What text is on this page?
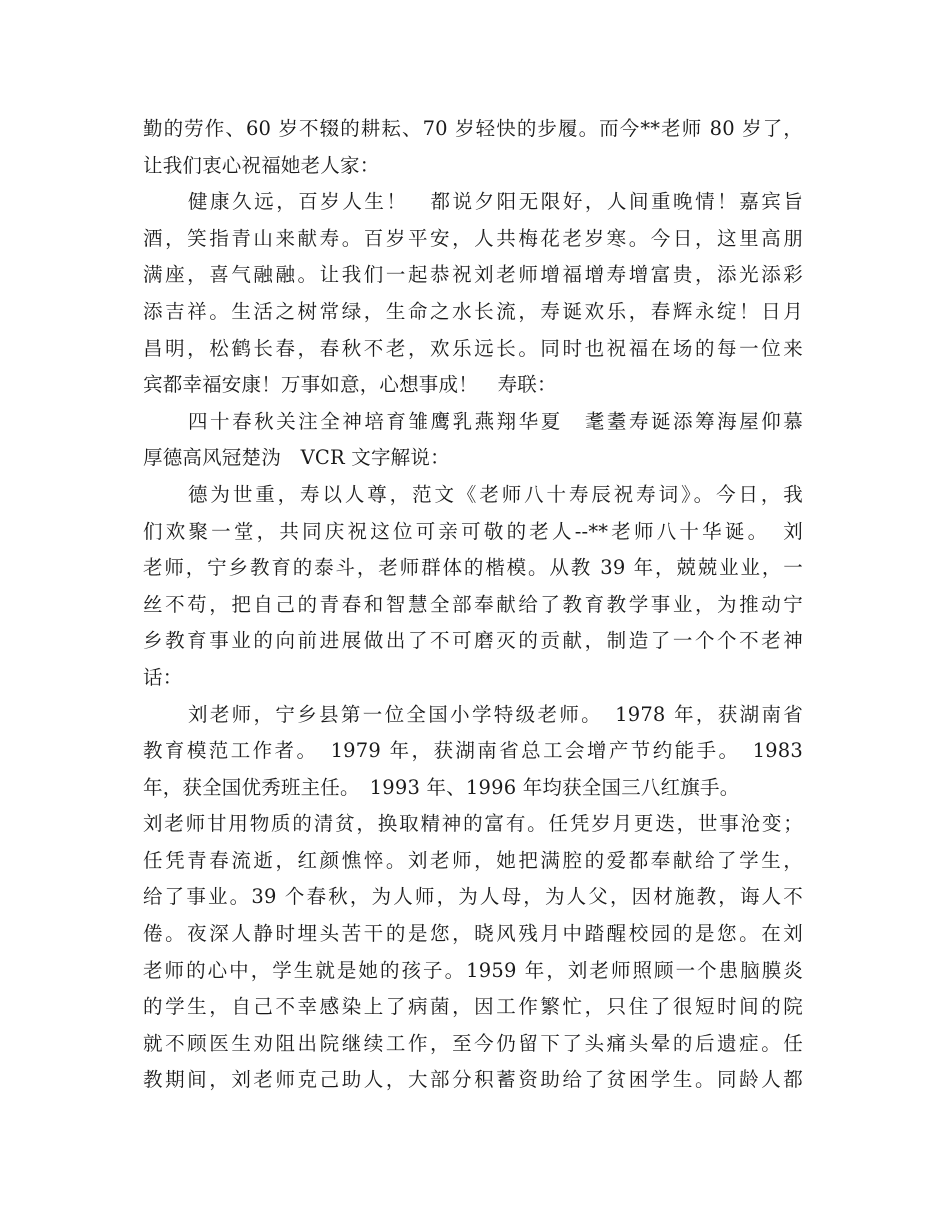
勤的劳作、60 岁不辍的耕耘、70 岁轻快的步履。而今**老师 80 岁了，
让我们衷心祝福她老人家：
健康久远，百岁人生！　都说夕阳无限好，人间重晚情！嘉宾旨
酒，笑指青山来献寿。百岁平安，人共梅花老岁寒。今日，这里高朋
满座，喜气融融。让我们一起恭祝刘老师增福增寿增富贵，添光添彩
添吉祥。生活之树常绿，生命之水长流，寿诞欢乐，春辉永绽！日月
昌明，松鹤长春，春秋不老，欢乐远长。同时也祝福在场的每一位来
宾都幸福安康！万事如意，心想事成！　寿联：
四十春秋关注全神培育雏鹰乳燕翔华夏　耄耋寿诞添筹海屋仰慕
厚德高风冠楚沩　VCR 文字解说：
德为世重，寿以人尊，范文《老师八十寿辰祝寿词》。今日，我
们欢聚一堂，共同庆祝这位可亲可敬的老人--**老师八十华诞。　刘
老师，宁乡教育的泰斗，老师群体的楷模。从教 39 年，兢兢业业，一
丝不苟，把自己的青春和智慧全部奉献给了教育教学事业，为推动宁
乡教育事业的向前进展做出了不可磨灭的贡献，制造了一个个不老神
话：
刘老师，宁乡县第一位全国小学特级老师。　1978 年，获湖南省
教育模范工作者。　1979 年，获湖南省总工会增产节约能手。　1983
年，获全国优秀班主任。　1993 年、1996 年均获全国三八红旗手。
刘老师甘用物质的清贫，换取精神的富有。任凭岁月更迭，世事沧变；
任凭青春流逝，红颜憔悴。刘老师，她把满腔的爱都奉献给了学生，
给了事业。39 个春秋，为人师，为人母，为人父，因材施教，诲人不
倦。夜深人静时埋头苦干的是您，晓风残月中踏醒校园的是您。在刘
老师的心中，学生就是她的孩子。1959 年，刘老师照顾一个患脑膜炎
的学生，自己不幸感染上了病菌，因工作繁忙，只住了很短时间的院
就不顾医生劝阻出院继续工作，至今仍留下了头痛头晕的后遗症。任
教期间，刘老师克己助人，大部分积蓄资助给了贫困学生。同龄人都
